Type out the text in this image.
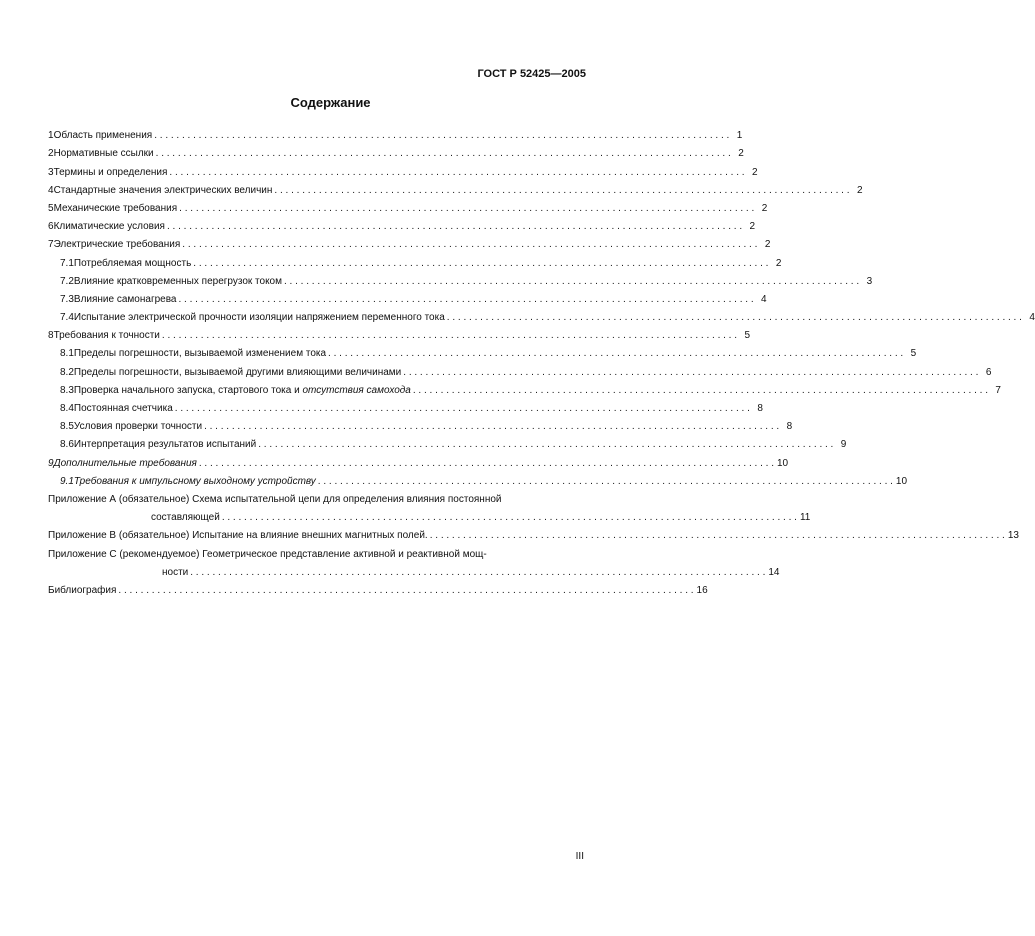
ГОСТ Р 52425—2005
Содержание
1 Область применения . . .	1
2 Нормативные ссылки . . .	2
3 Термины и определения . . .	2
4 Стандартные значения электрических величин . . .	2
5 Механические требования . . .	2
6 Климатические условия . . .	2
7 Электрические требования . . .	2
7.1 Потребляемая мощность . . .	2
7.2 Влияние кратковременных перегрузок током . . .	3
7.3 Влияние самонагрева . . .	4
7.4 Испытание электрической прочности изоляции напряжением переменного тока . . .	4
8 Требования к точности . . .	5
8.1 Пределы погрешности, вызываемой изменением тока . . .	5
8.2 Пределы погрешности, вызываемой другими влияющими величинами . . .	6
8.3 Проверка начального запуска, стартового тока и отсутствия самохода . . .	7
8.4 Постоянная счетчика . . .	8
8.5 Условия проверки точности . . .	8
8.6 Интерпретация результатов испытаний . . .	9
9 Дополнительные требования . . .	10
9.1 Требования к импульсному выходному устройству . . .	10
Приложение А (обязательное) Схема испытательной цепи для определения влияния постоянной
составляющей . . .	11
Приложение В (обязательное) Испытание на влияние внешних магнитных полей. . . .	13
Приложение С (рекомендуемое) Геометрическое представление активной и реактивной мощ-
ности . . .	14
Библиография . . .	16
III
